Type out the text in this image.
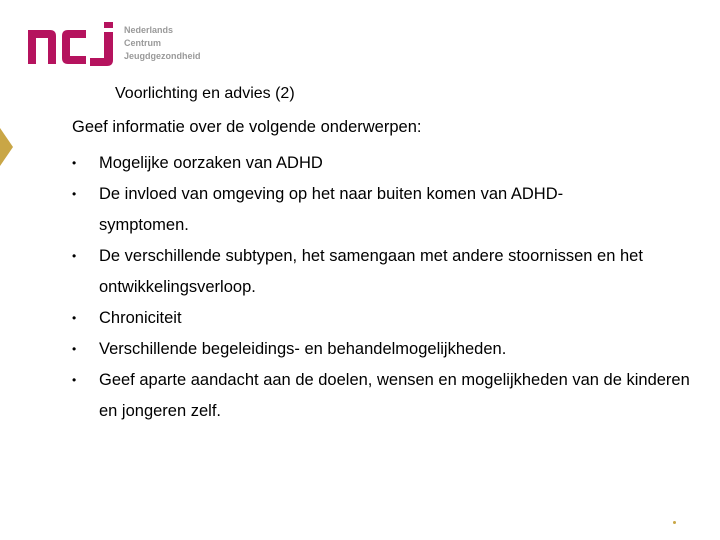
Nederlands
Centrum
Jeugdgezondheid
Voorlichting en advies (2)
Geef informatie over de volgende onderwerpen:
•	Mogelijke oorzaken van ADHD
•	De invloed van omgeving op het naar buiten komen van ADHD-symptomen.
•	De verschillende subtypen, het samengaan met andere stoornissen en het ontwikkelingsverloop.
•	Chroniciteit
•	Verschillende begeleidings- en behandelmogelijkheden.
•	Geef aparte aandacht aan de doelen, wensen en mogelijkheden van de kinderen en jongeren zelf.
